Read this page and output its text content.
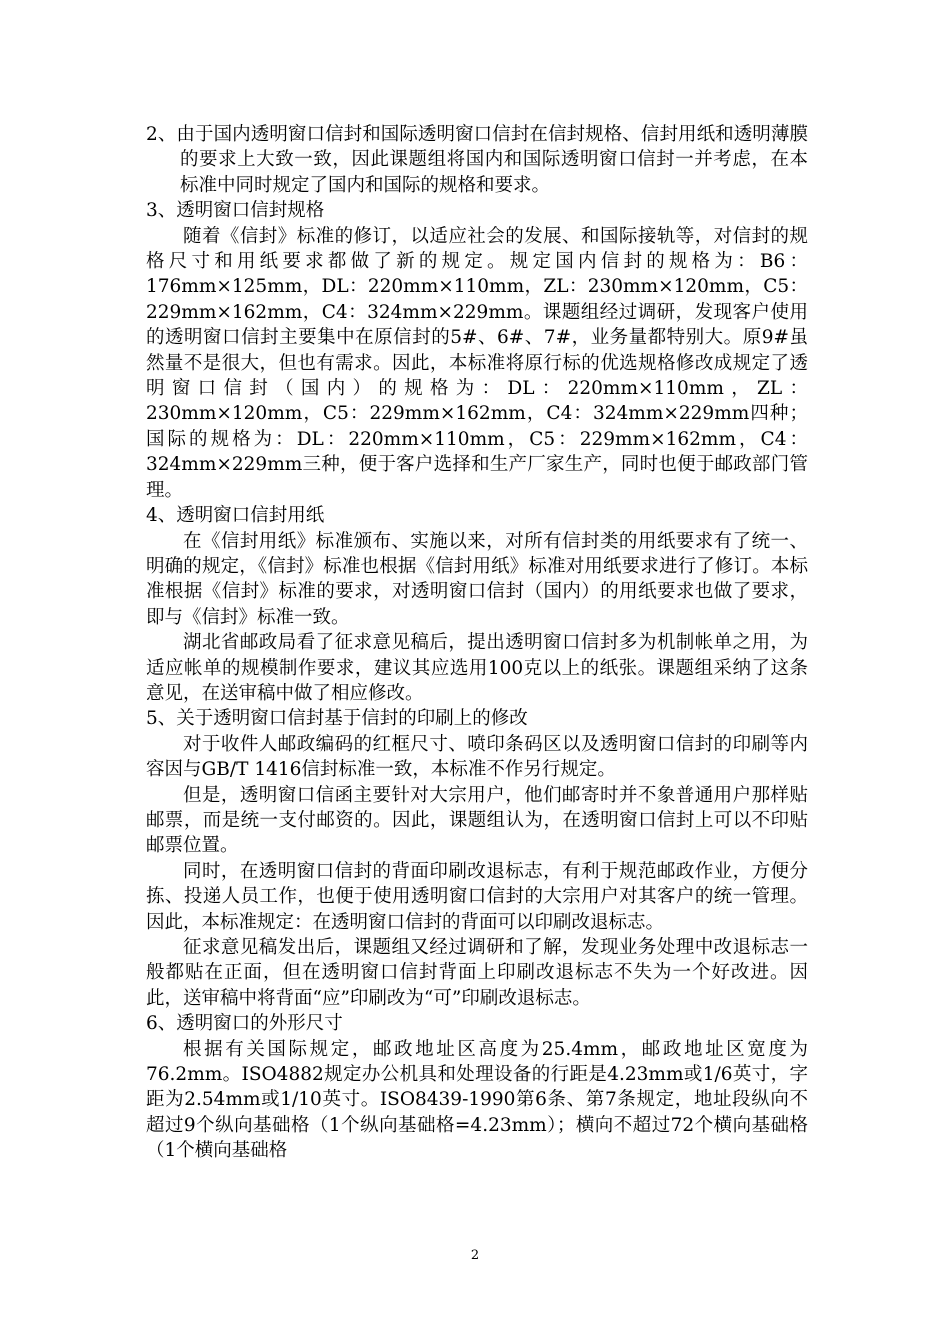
2、由于国内透明窗口信封和国际透明窗口信封在信封规格、信封用纸和透明薄膜的要求上大致一致，因此课题组将国内和国际透明窗口信封一并考虑，在本标准中同时规定了国内和国际的规格和要求。

3、透明窗口信封规格

随着《信封》标准的修订，以适应社会的发展、和国际接轨等，对信封的规格尺寸和用纸要求都做了新的规定。规定国内信封的规格为：B6：176mm×125mm，DL：220mm×110mm，ZL：230mm×120mm，C5：229mm×162mm，C4：324mm×229mm。课题组经过调研，发现客户使用的透明窗口信封主要集中在原信封的5#、6#、7#，业务量都特别大。原9#虽然量不是很大，但也有需求。因此，本标准将原行标的优选规格修改成规定了透明窗口信封（国内）的规格为：DL：220mm×110mm，ZL：230mm×120mm，C5：229mm×162mm，C4：324mm×229mm四种；国际的规格为：DL：220mm×110mm，C5：229mm×162mm，C4：324mm×229mm三种，便于客户选择和生产厂家生产，同时也便于邮政部门管理。

4、透明窗口信封用纸

在《信封用纸》标准颁布、实施以来，对所有信封类的用纸要求有了统一、明确的规定，《信封》标准也根据《信封用纸》标准对用纸要求进行了修订。本标准根据《信封》标准的要求，对透明窗口信封（国内）的用纸要求也做了要求，即与《信封》标准一致。

湖北省邮政局看了征求意见稿后，提出透明窗口信封多为机制帐单之用，为适应帐单的规模制作要求，建议其应选用100克以上的纸张。课题组采纳了这条意见，在送审稿中做了相应修改。

5、关于透明窗口信封基于信封的印刷上的修改

对于收件人邮政编码的红框尺寸、喷印条码区以及透明窗口信封的印刷等内容因与GB/T 1416信封标准一致，本标准不作另行规定。

但是，透明窗口信函主要针对大宗用户，他们邮寄时并不象普通用户那样贴邮票，而是统一支付邮资的。因此，课题组认为，在透明窗口信封上可以不印贴邮票位置。

同时，在透明窗口信封的背面印刷改退标志，有利于规范邮政作业，方便分拣、投递人员工作，也便于使用透明窗口信封的大宗用户对其客户的统一管理。因此，本标准规定：在透明窗口信封的背面可以印刷改退标志。

征求意见稿发出后，课题组又经过调研和了解，发现业务处理中改退标志一般都贴在正面，但在透明窗口信封背面上印刷改退标志不失为一个好改进。因此，送审稿中将背面“应”印刷改为“可”印刷改退标志。

6、透明窗口的外形尺寸

根据有关国际规定，邮政地址区高度为25.4mm，邮政地址区宽度为76.2mm。ISO4882规定办公机具和处理设备的行距是4.23mm或1/6英寸，字距为2.54mm或1/10英寸。ISO8439-1990第6条、第7条规定，地址段纵向不超过9个纵向基础格（1个纵向基础格=4.23mm）；横向不超过72个横向基础格（1个横向基础格

2
